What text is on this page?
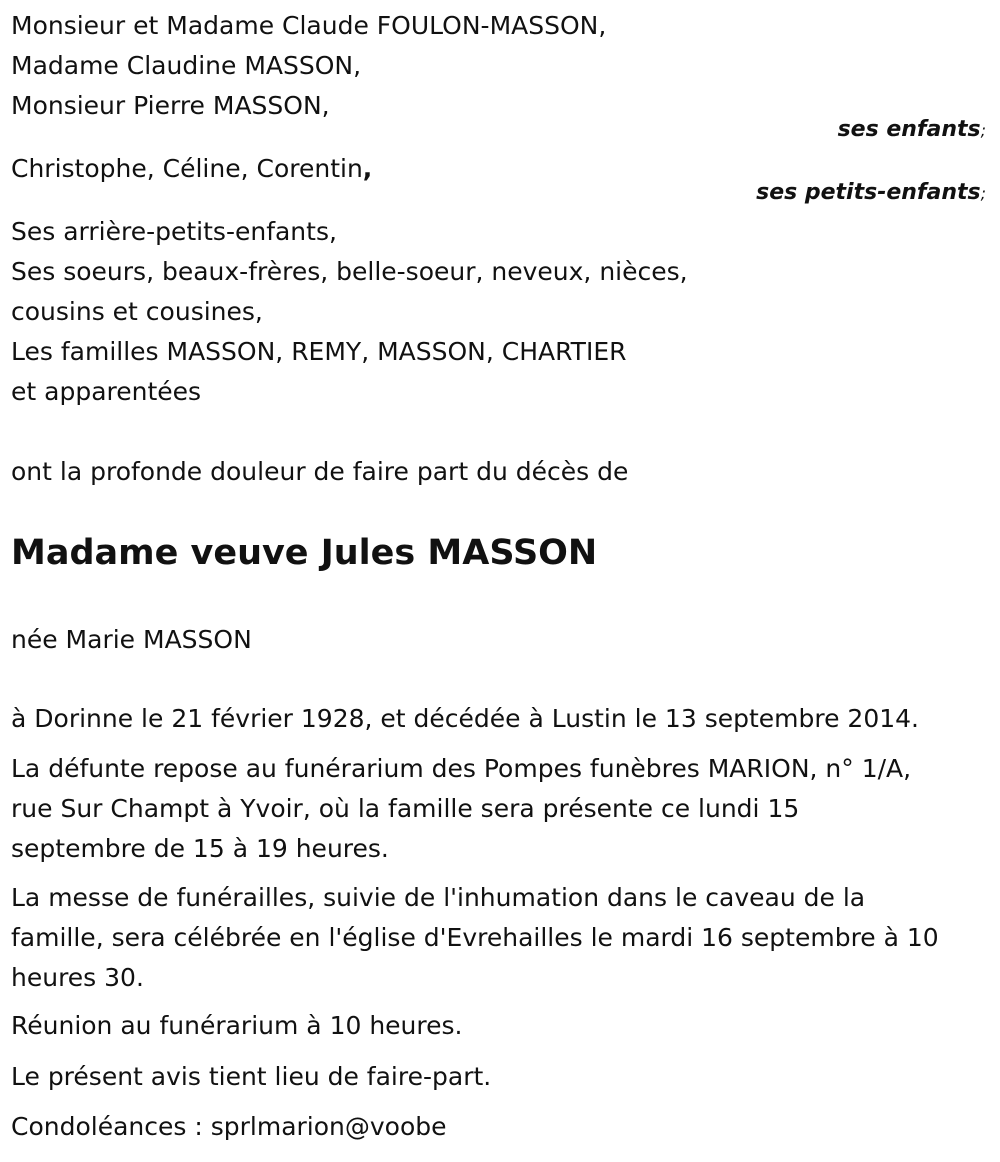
Monsieur et Madame Claude FOULON-MASSON,
Madame Claudine MASSON,
Monsieur Pierre MASSON,
ses enfants;
Christophe, Céline, Corentin,
ses petits-enfants;
Ses arrière-petits-enfants,
Ses soeurs, beaux-frères, belle-soeur, neveux, nièces,
cousins et cousines,
Les familles MASSON, REMY, MASSON, CHARTIER
et apparentées
ont la profonde douleur de faire part du décès de
Madame veuve Jules MASSON
née Marie MASSON
à Dorinne le 21 février 1928, et décédée à Lustin le 13 septembre 2014.
La défunte repose au funérarium des Pompes funèbres MARION, n° 1/A,
rue Sur Champt à Yvoir, où la famille sera présente ce lundi 15
septembre de 15 à 19 heures.
La messe de funérailles, suivie de l'inhumation dans le caveau de la
famille, sera célébrée en l'église d'Evrehailles le mardi 16 septembre à 10
heures 30.
Réunion au funérarium à 10 heures.
Le présent avis tient lieu de faire-part.
Condoléances : sprlmarion@voobe
